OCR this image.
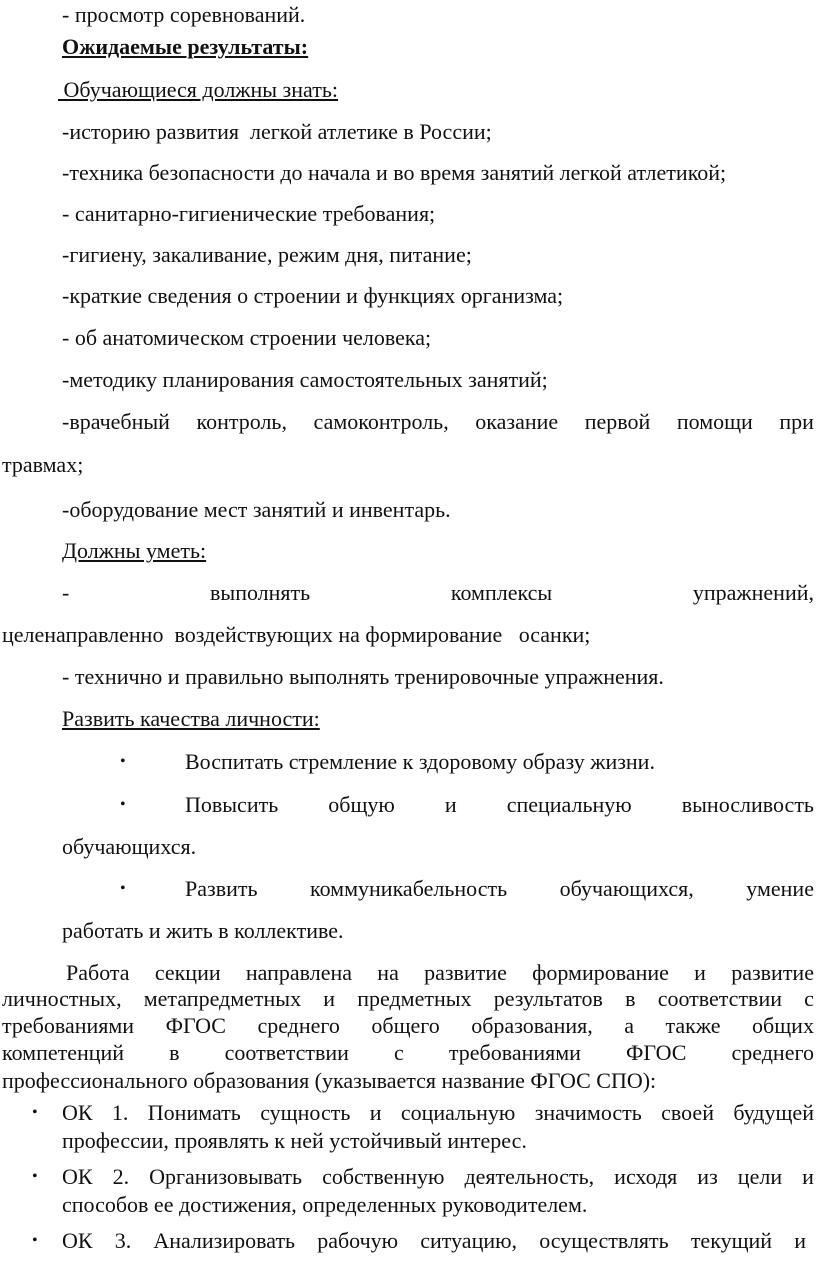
- просмотр соревнований.
Ожидаемые результаты:
Обучающиеся должны знать:
-историю развития  легкой атлетике в России;
-техника безопасности до начала и во время занятий легкой атлетикой;
- санитарно-гигиенические требования;
-гигиену, закаливание, режим дня, питание;
-краткие сведения о строении и функциях организма;
- об анатомическом строении человека;
-методику планирования самостоятельных занятий;
-врачебный контроль, самоконтроль, оказание первой помощи при
травмах;
-оборудование мест занятий и инвентарь.
Должны уметь:
-	выполнять	комплексы	упражнений,
целенаправленно  воздействующих на формирование   осанки;
- технично и правильно выполнять тренировочные упражнения.
Развить качества личности:
•	Воспитать стремление к здоровому образу жизни.
•	Повысить общую и специальную выносливость
обучающихся.
•	Развить коммуникабельность обучающихся, умение
работать и жить в коллективе.
Работа секции направлена на развитие формирование и развитие
личностных, метапредметных и предметных результатов в соответствии с
требованиями ФГОС среднего общего образования, а также общих
компетенций в соответствии с требованиями ФГОС среднего
профессионального образования (указывается название ФГОС СПО):
• ОК 1. Понимать сущность и социальную значимость своей будущей
профессии, проявлять к ней устойчивый интерес.
• ОК 2. Организовывать собственную деятельность, исходя из цели и
способов ее достижения, определенных руководителем.
• ОК 3. Анализировать рабочую ситуацию, осуществлять текущий и
